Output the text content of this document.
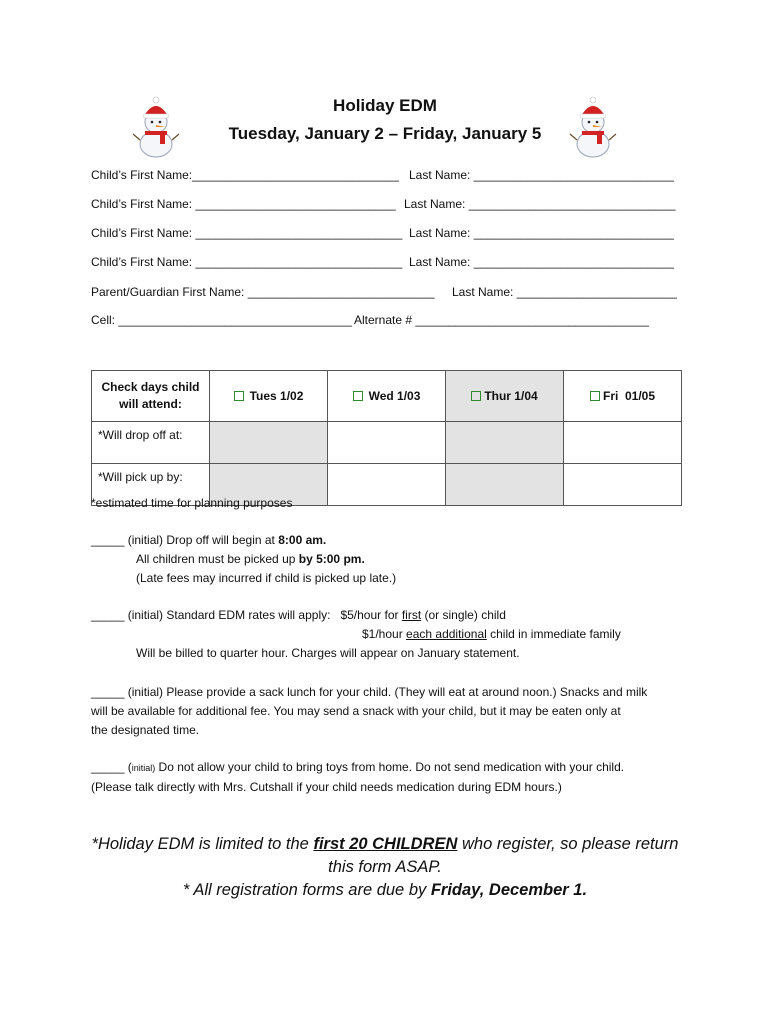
Holiday EDM
Tuesday, January 2 – Friday, January 5
Child’s First Name:_______________________________ Last Name: ______________________________
Child’s First Name: ______________________________ Last Name: _______________________________
Child’s First Name: _______________________________ Last Name: ______________________________
Child’s First Name: _______________________________ Last Name: ______________________________
Parent/Guardian First Name: ____________________________ Last Name: ________________________
Cell: ___________________________________ Alternate # ___________________________________
Check days child
will attend:	Tues 1/02	Wed 1/03	Thur 1/04	Fri  01/05
*Will drop off at:				
*Will pick up by:				
*estimated time for planning purposes
_____ (initial) Drop off will begin at 8:00 am.
All children must be picked up by 5:00 pm.
(Late fees may incurred if child is picked up late.)
_____ (initial) Standard EDM rates will apply:   $5/hour for first (or single) child
$1/hour each additional child in immediate family
Will be billed to quarter hour. Charges will appear on January statement.
_____ (initial) Please provide a sack lunch for your child. (They will eat at around noon.) Snacks and milk
will be available for additional fee. You may send a snack with your child, but it may be eaten only at
the designated time.
_____ (initial) Do not allow your child to bring toys from home. Do not send medication with your child.
(Please talk directly with Mrs. Cutshall if your child needs medication during EDM hours.)
*Holiday EDM is limited to the first 20 CHILDREN who register, so please return
this form ASAP.
* All registration forms are due by Friday, December 1.
